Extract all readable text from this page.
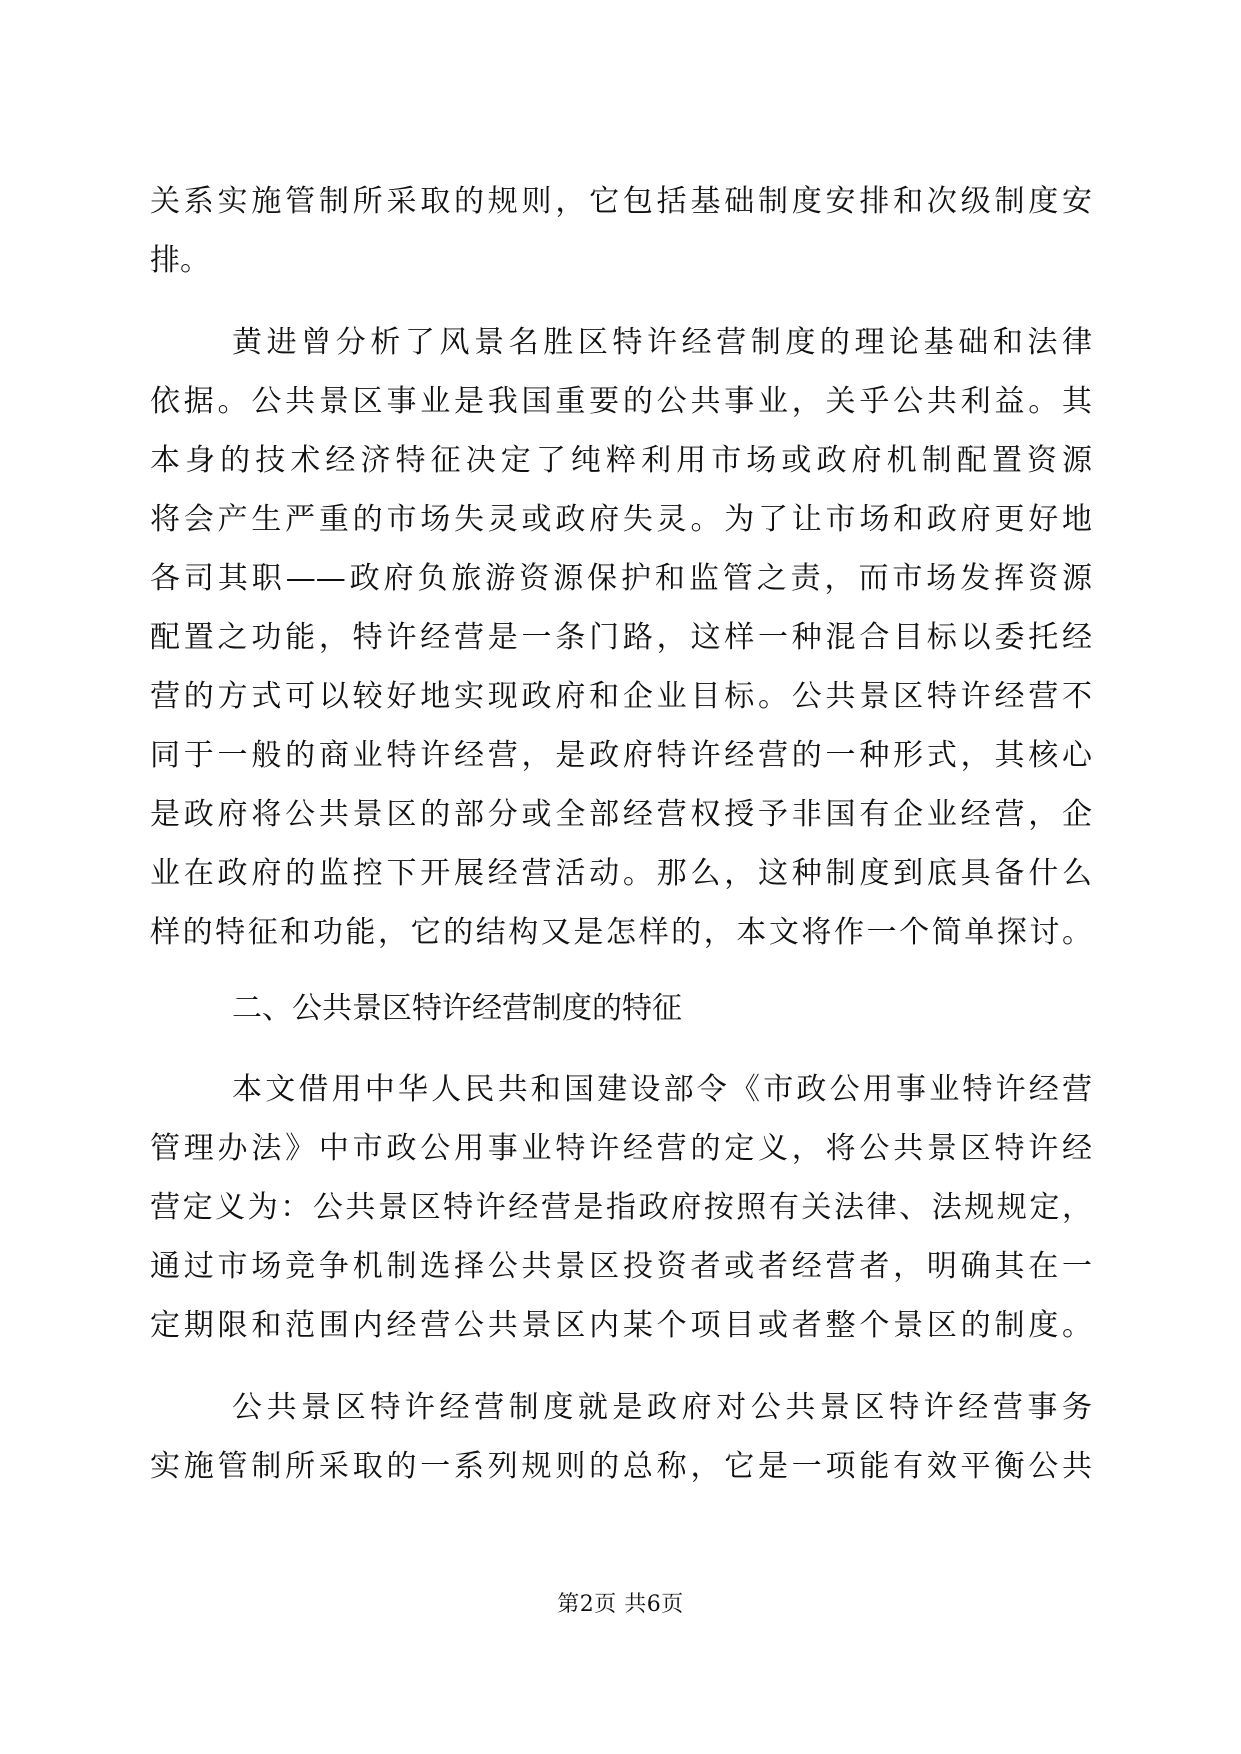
关系实施管制所采取的规则，它包括基础制度安排和次级制度安
排。
黄进曾分析了风景名胜区特许经营制度的理论基础和法律
依据。公共景区事业是我国重要的公共事业，关乎公共利益。其
本身的技术经济特征决定了纯粹利用市场或政府机制配置资源
将会产生严重的市场失灵或政府失灵。为了让市场和政府更好地
各司其职——政府负旅游资源保护和监管之责，而市场发挥资源
配置之功能，特许经营是一条门路，这样一种混合目标以委托经
营的方式可以较好地实现政府和企业目标。公共景区特许经营不
同于一般的商业特许经营，是政府特许经营的一种形式，其核心
是政府将公共景区的部分或全部经营权授予非国有企业经营，企
业在政府的监控下开展经营活动。那么，这种制度到底具备什么
样的特征和功能，它的结构又是怎样的，本文将作一个简单探讨。
二、公共景区特许经营制度的特征
本文借用中华人民共和国建设部令《市政公用事业特许经营
管理办法》中市政公用事业特许经营的定义，将公共景区特许经
营定义为：公共景区特许经营是指政府按照有关法律、法规规定，
通过市场竞争机制选择公共景区投资者或者经营者，明确其在一
定期限和范围内经营公共景区内某个项目或者整个景区的制度。
公共景区特许经营制度就是政府对公共景区特许经营事务
实施管制所采取的一系列规则的总称，它是一项能有效平衡公共
第2页 共6页
